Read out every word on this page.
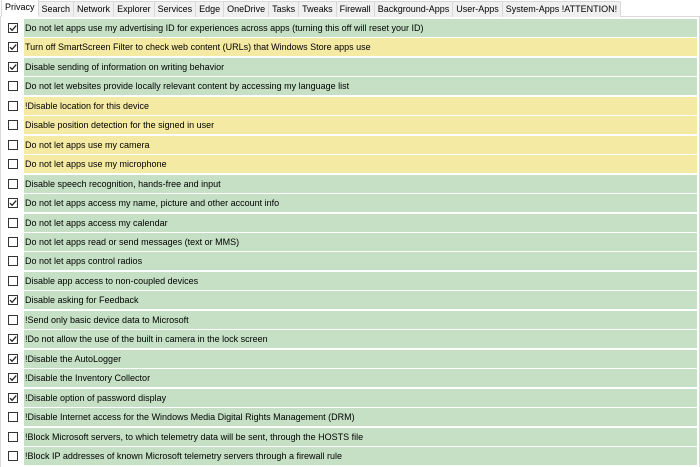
Privacy Search Network Explorer Services Edge OneDrive Tasks Tweaks Firewall Background-Apps User-Apps System-Apps !ATTENTION!
Do not let apps use my advertising ID for experiences across apps (turning this off will reset your ID)
Turn off SmartScreen Filter to check web content (URLs) that Windows Store apps use
Disable sending of information on writing behavior
Do not let websites provide locally relevant content by accessing my language list
!Disable location for this device
Disable position detection for the signed in user
Do not let apps use my camera
Do not let apps use my microphone
Disable speech recognition, hands-free and input
Do not let apps access my name, picture and other account info
Do not let apps access my calendar
Do not let apps read or send messages (text or MMS)
Do not let apps control radios
Disable app access to non-coupled devices
Disable asking for Feedback
!Send only basic device data to Microsoft
!Do not allow the use of the built in camera in the lock screen
!Disable the AutoLogger
!Disable the Inventory Collector
!Disable option of password display
!Disable Internet access for the Windows Media Digital Rights Management (DRM)
!Block Microsoft servers, to which telemetry data will be sent, through the HOSTS file
!Block IP addresses of known Microsoft telemetry servers through a firewall rule
